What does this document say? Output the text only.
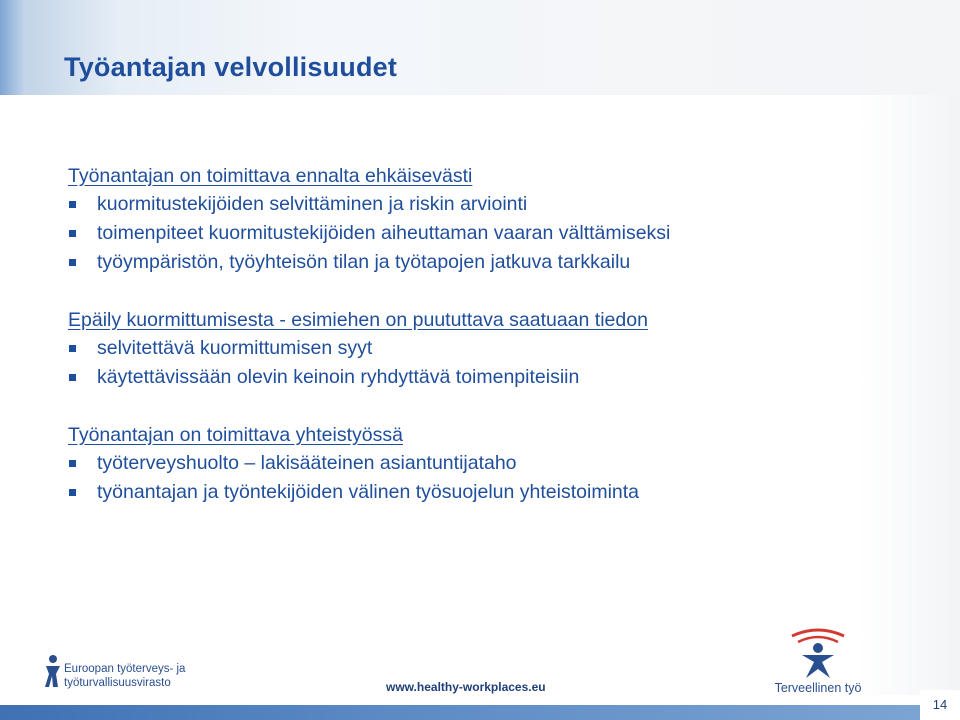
Työantajan velvollisuudet

Työnantajan on toimittava ennalta ehkäisevästi

kuormitustekijöiden selvittäminen ja riskin arviointi
toimenpiteet kuormitustekijöiden aiheuttaman vaaran välttämiseksi
työympäristön, työyhteisön tilan ja työtapojen jatkuva tarkkailu

Epäily kuormittumisesta - esimiehen on puututtava saatuaan tiedon

selvitettävä kuormittumisen syyt
käytettävissään olevin keinoin ryhdyttävä toimenpiteisiin

Työnantajan on toimittava yhteistyössä

työterveyshuolto – lakisääteinen asiantuntijataho
työnantajan ja työntekijöiden välinen työsuojelun yhteistoiminta
Euroopan työterveys- ja
työturvallisuusvirasto	www.healthy-workplaces.eu	Terveellinen työ
14
